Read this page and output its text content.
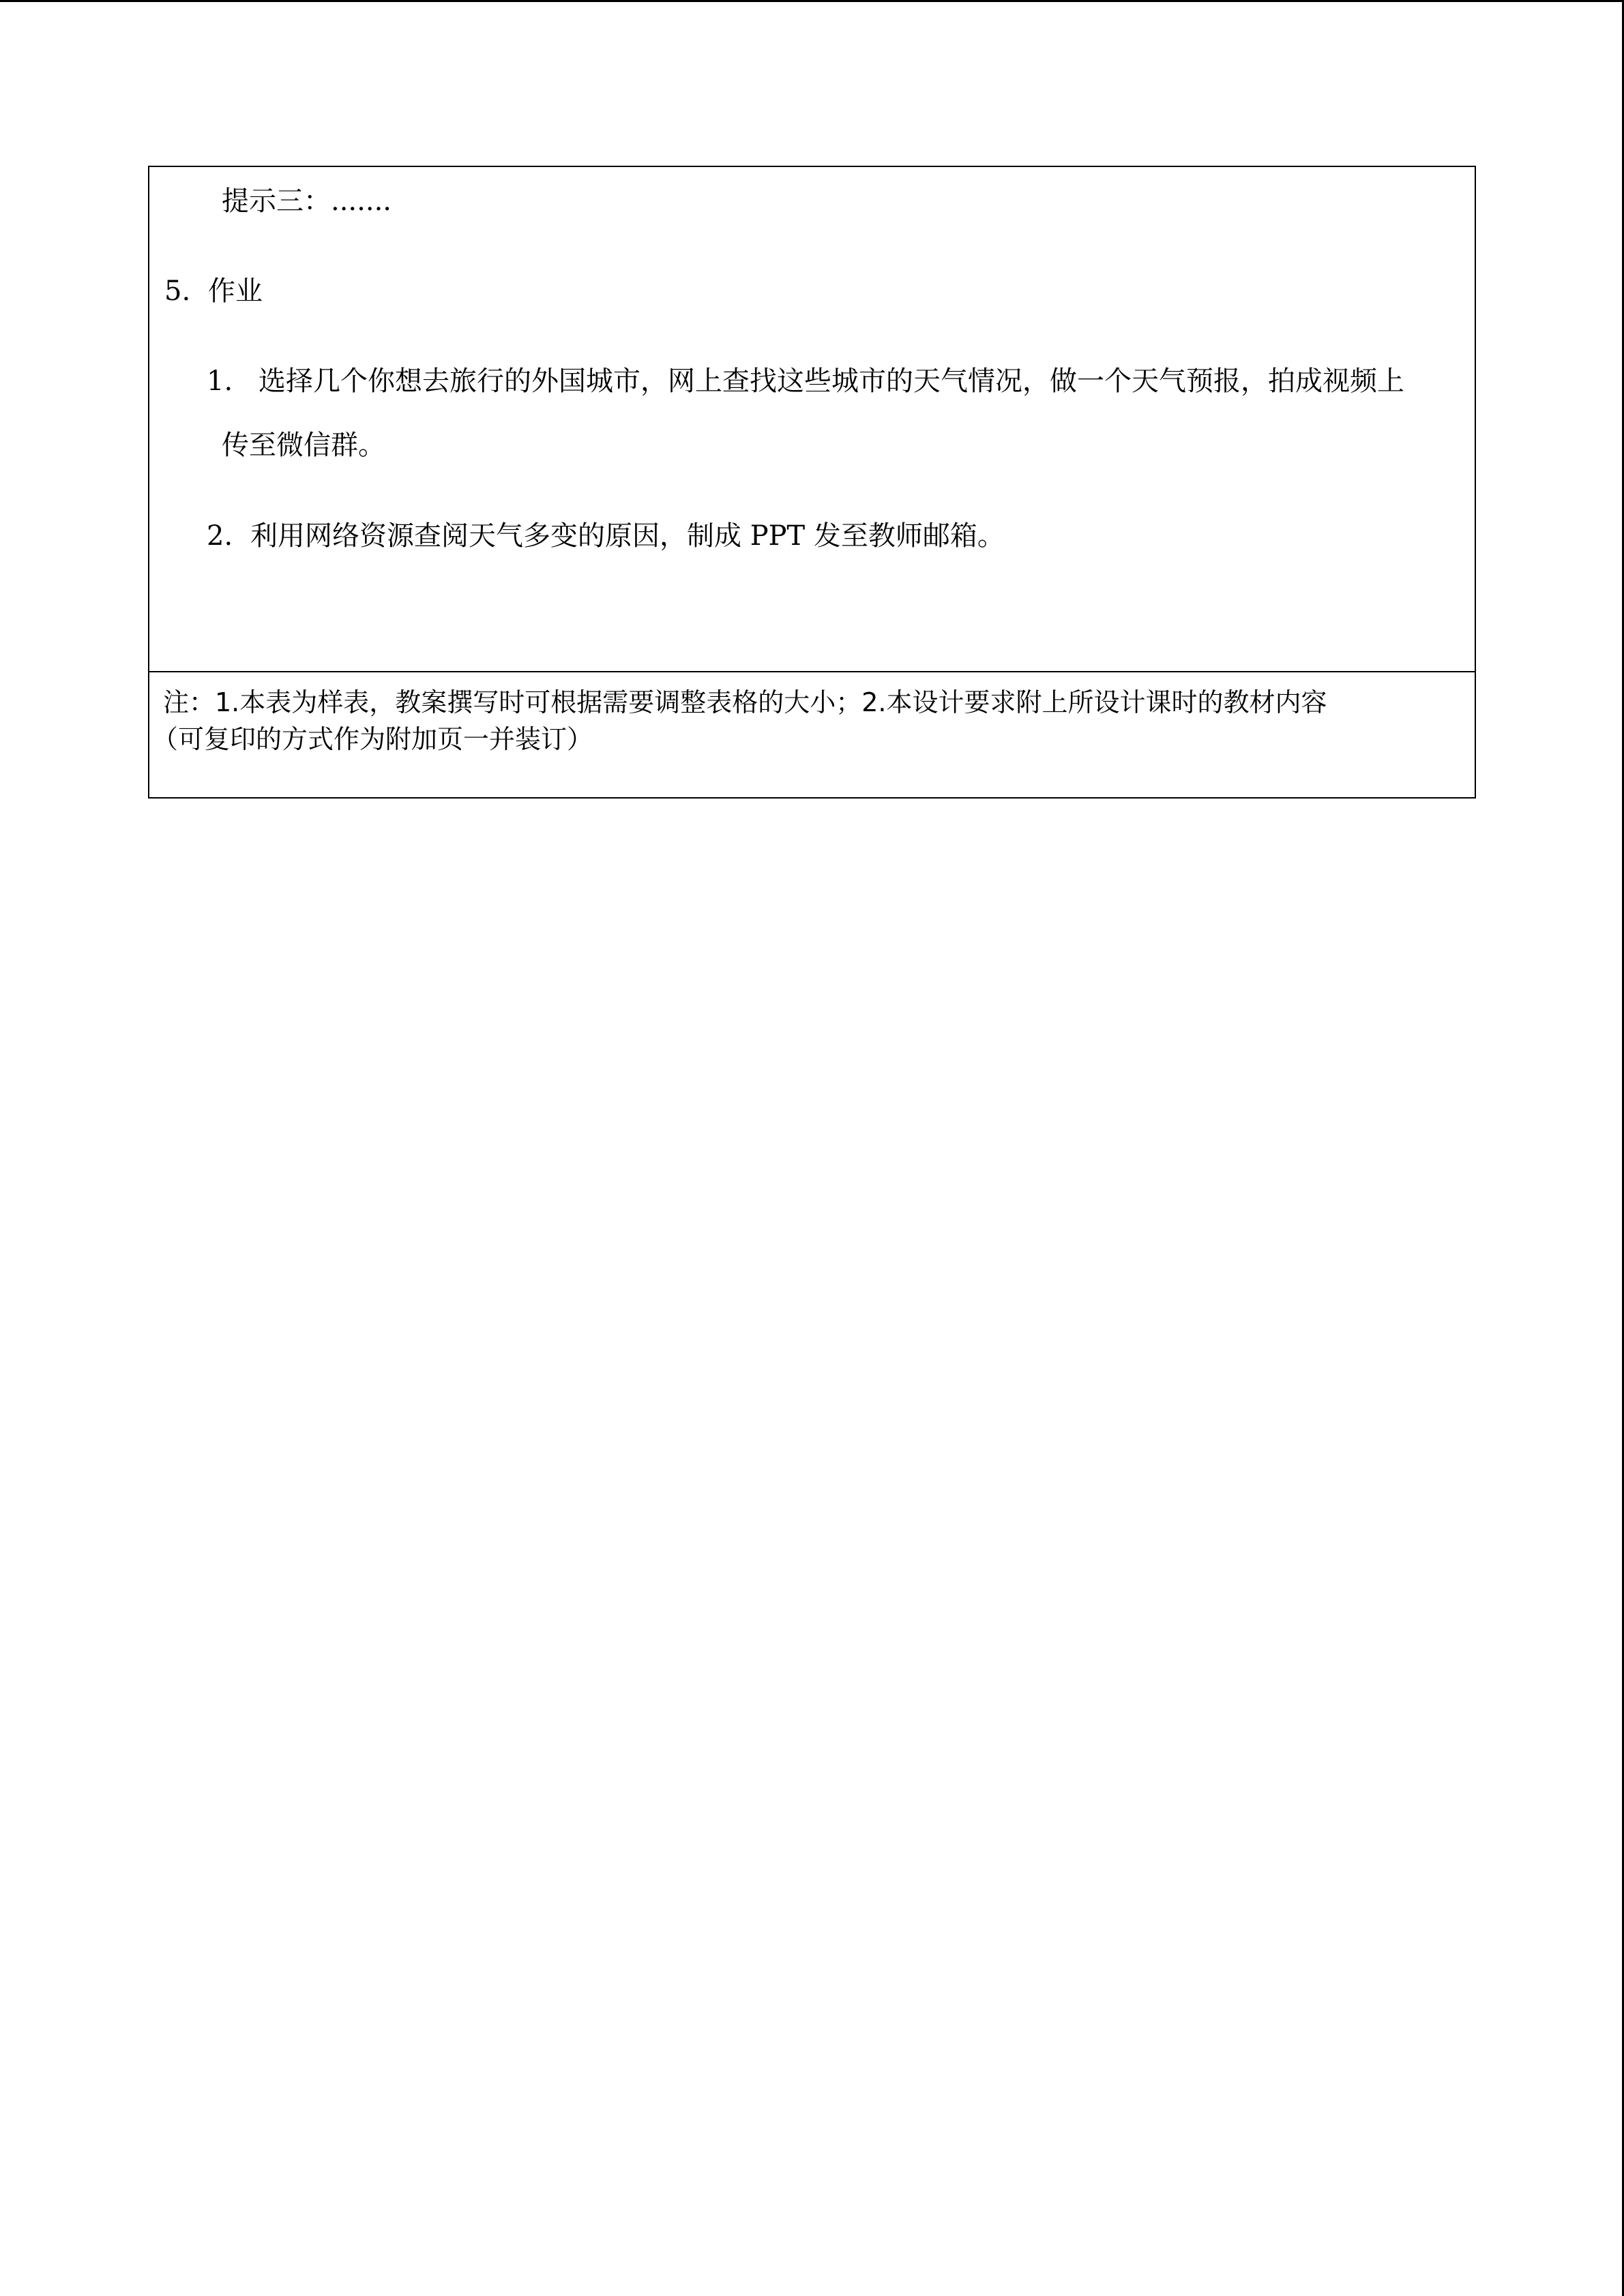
提示三：.......
5. 作业
1. 选择几个你想去旅行的外国城市，网上查找这些城市的天气情况，做一个天气预报，拍成视频上
传至微信群。
2. 利用网络资源查阅天气多变的原因，制成 PPT 发至教师邮箱。
注：1.本表为样表，教案撰写时可根据需要调整表格的大小；2.本设计要求附上所设计课时的教材内容
（可复印的方式作为附加页一并装订）
